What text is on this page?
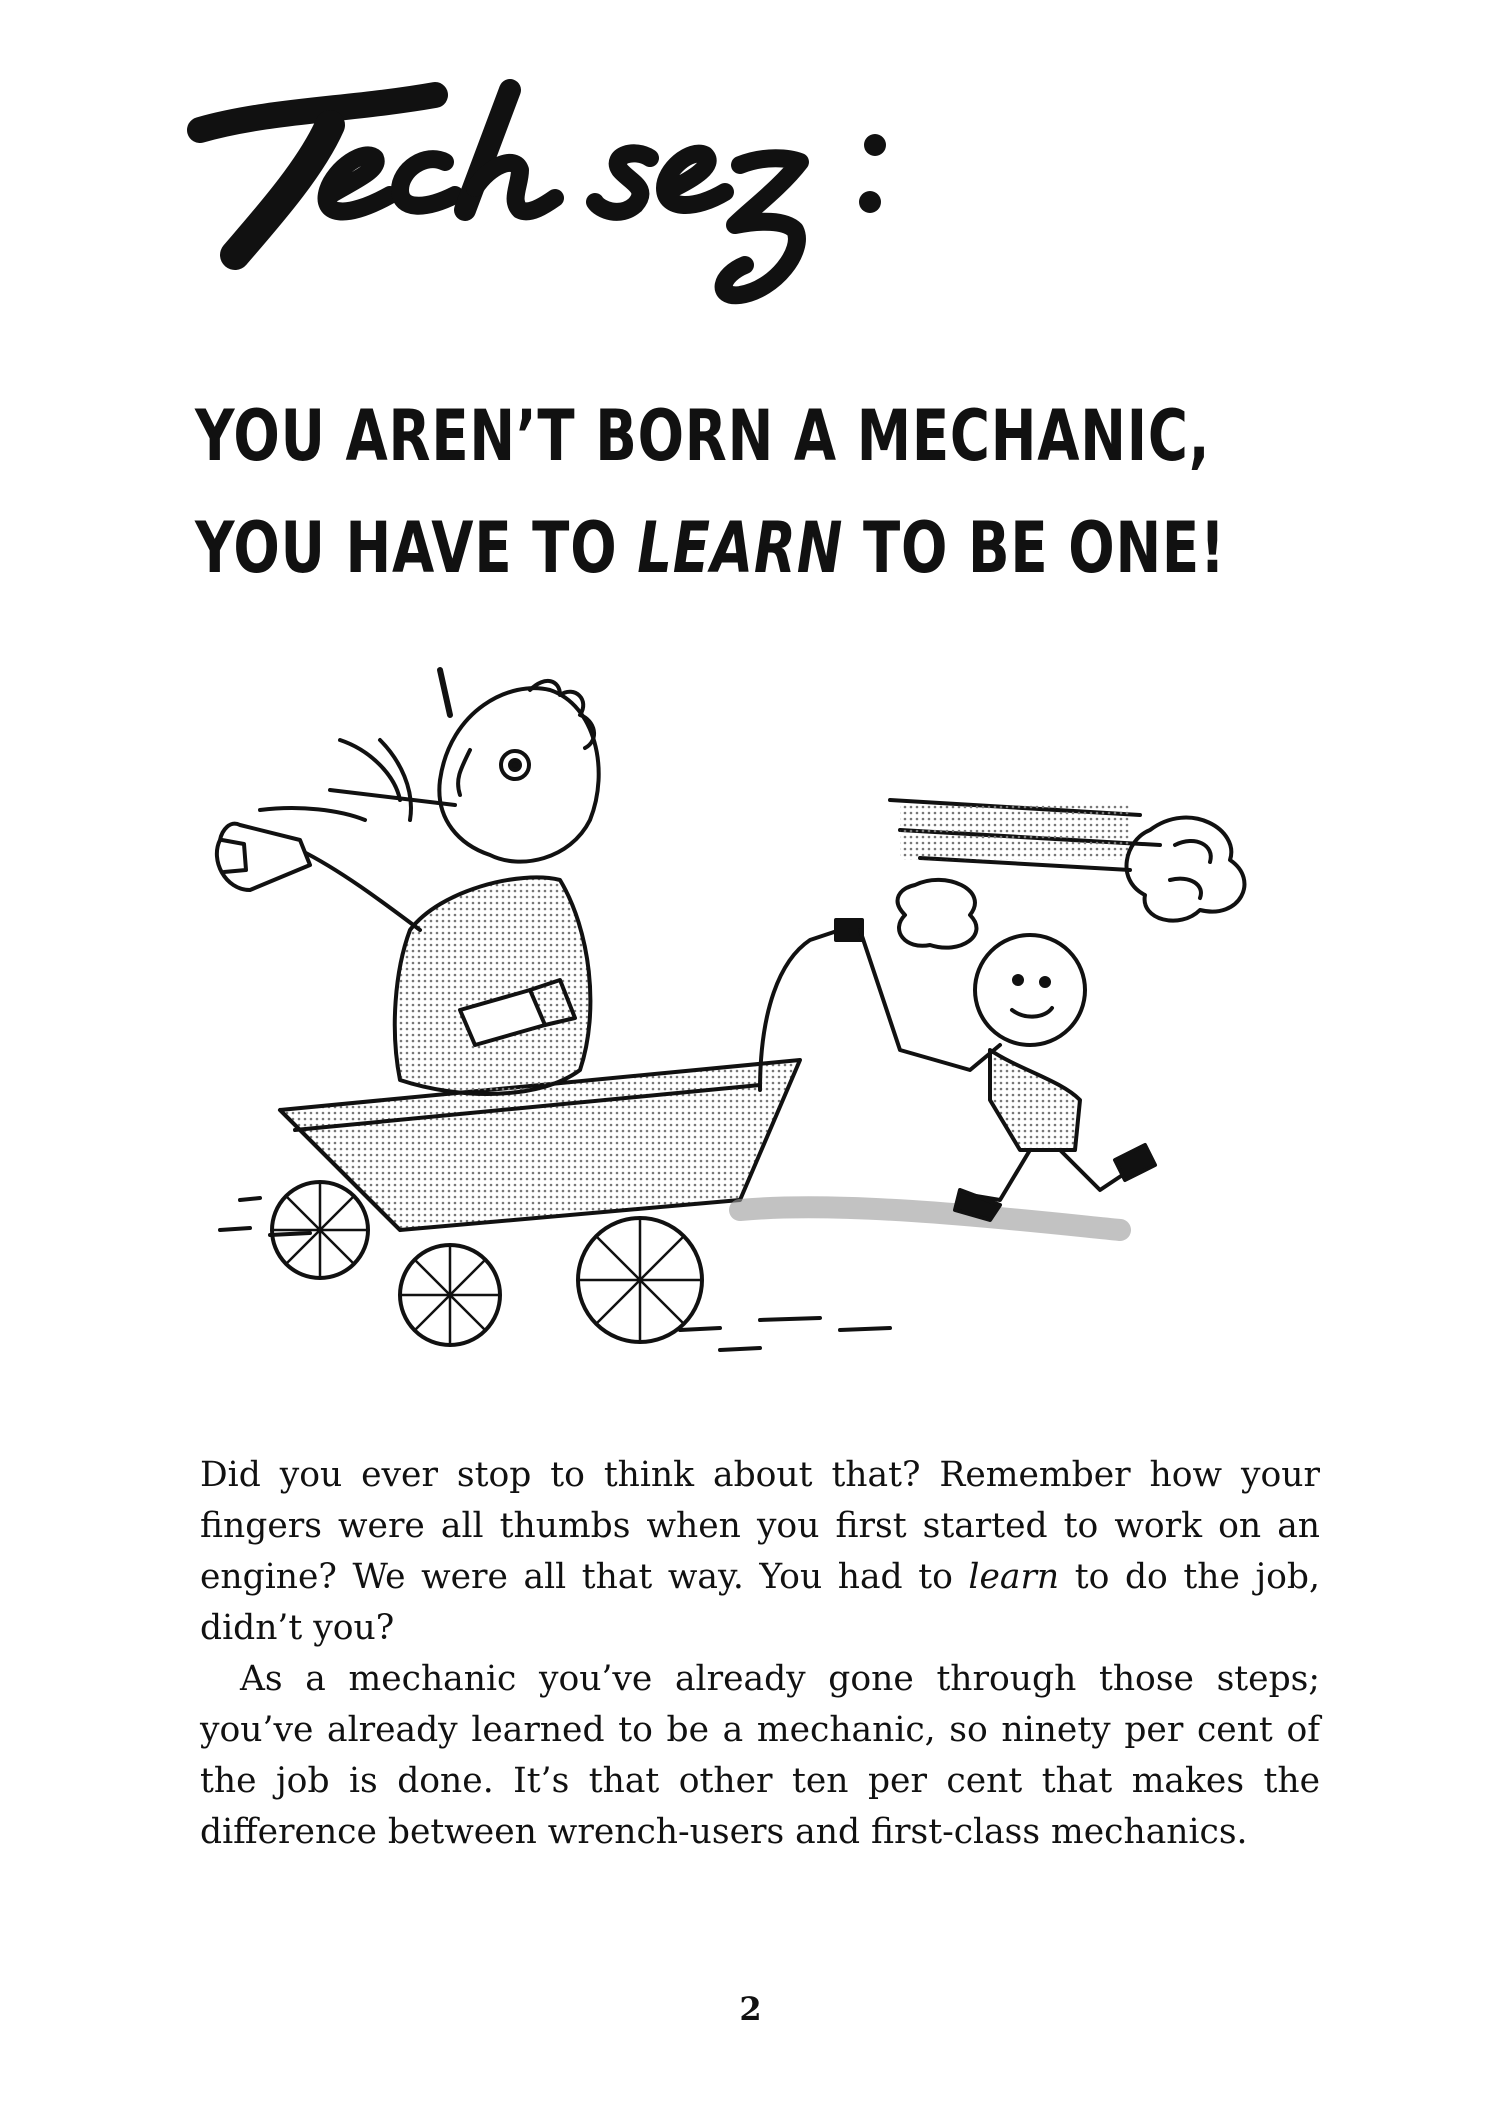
YOU AREN’T BORN A MECHANIC,
YOU HAVE TO LEARN TO BE ONE!

Did you ever stop to think about that? Remember how your fingers were all thumbs when you first started to work on an engine? We were all that way. You had to learn to do the job, didn’t you?

As a mechanic you’ve already gone through those steps; you’ve already learned to be a mechanic, so ninety per cent of the job is done. It’s that other ten per cent that makes the difference between wrench-users and first-class mechanics.

2
